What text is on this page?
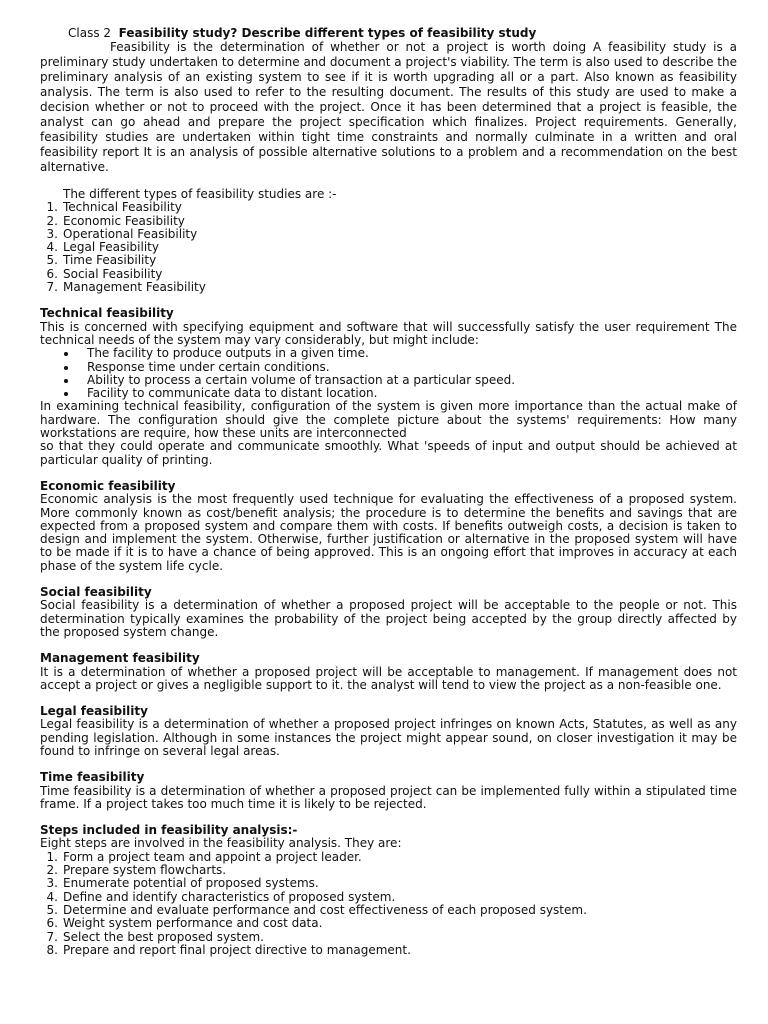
Class 2 Feasibility study? Describe different types of feasibility study

Feasibility is the determination of whether or not a project is worth doing A feasibility study is a preliminary study undertaken to determine and document a project's viability. The term is also used to describe the preliminary analysis of an existing system to see if it is worth upgrading all or a part. Also known as feasibility analysis. The term is also used to refer to the resulting document. The results of this study are used to make a decision whether or not to proceed with the project. Once it has been determined that a project is feasible, the analyst can go ahead and prepare the project specification which finalizes. Project requirements. Generally, feasibility studies are undertaken within tight time constraints and normally culminate in a written and oral feasibility report It is an analysis of possible alternative solutions to a problem and a recommendation on the best alternative.

The different types of feasibility studies are :-

1. Technical Feasibility
2. Economic Feasibility
3. Operational Feasibility
4. Legal Feasibility
5. Time Feasibility
6. Social Feasibility
7. Management Feasibility
Technical feasibility

This is concerned with specifying equipment and software that will successfully satisfy the user requirement The technical needs of the system may vary considerably, but might include:

The facility to produce outputs in a given time.
Response time under certain conditions.
Ability to process a certain volume of transaction at a particular speed.
Facility to communicate data to distant location.

In examining technical feasibility, configuration of the system is given more importance than the actual make of hardware. The configuration should give the complete picture about the systems' requirements: How many workstations are require, how these units are interconnected

so that they could operate and communicate smoothly. What 'speeds of input and output should be achieved at particular quality of printing.

Economic feasibility

Economic analysis is the most frequently used technique for evaluating the effectiveness of a proposed system. More commonly known as cost/benefit analysis; the procedure is to determine the benefits and savings that are expected from a proposed system and compare them with costs. If benefits outweigh costs, a decision is taken to design and implement the system. Otherwise, further justification or alternative in the proposed system will have to be made if it is to have a chance of being approved. This is an ongoing effort that improves in accuracy at each phase of the system life cycle.

Social feasibility

Social feasibility is a determination of whether a proposed project will be acceptable to the people or not. This determination typically examines the probability of the project being accepted by the group directly affected by the proposed system change.

Management feasibility

It is a determination of whether a proposed project will be acceptable to management. If management does not accept a project or gives a negligible support to it. the analyst will tend to view the project as a non-feasible one.

Legal feasibility

Legal feasibility is a determination of whether a proposed project infringes on known Acts, Statutes, as well as any pending legislation. Although in some instances the project might appear sound, on closer investigation it may be found to infringe on several legal areas.

Time feasibility

Time feasibility is a determination of whether a proposed project can be implemented fully within a stipulated time frame. If a project takes too much time it is likely to be rejected.

Steps included in feasibility analysis:-

Eight steps are involved in the feasibility analysis. They are:

1. Form a project team and appoint a project leader.
2. Prepare system flowcharts.
3. Enumerate potential of proposed systems.
4. Define and identify characteristics of proposed system.
5. Determine and evaluate performance and cost effectiveness of each proposed system.
6. Weight system performance and cost data.
7. Select the best proposed system.
8. Prepare and report final project directive to management.
